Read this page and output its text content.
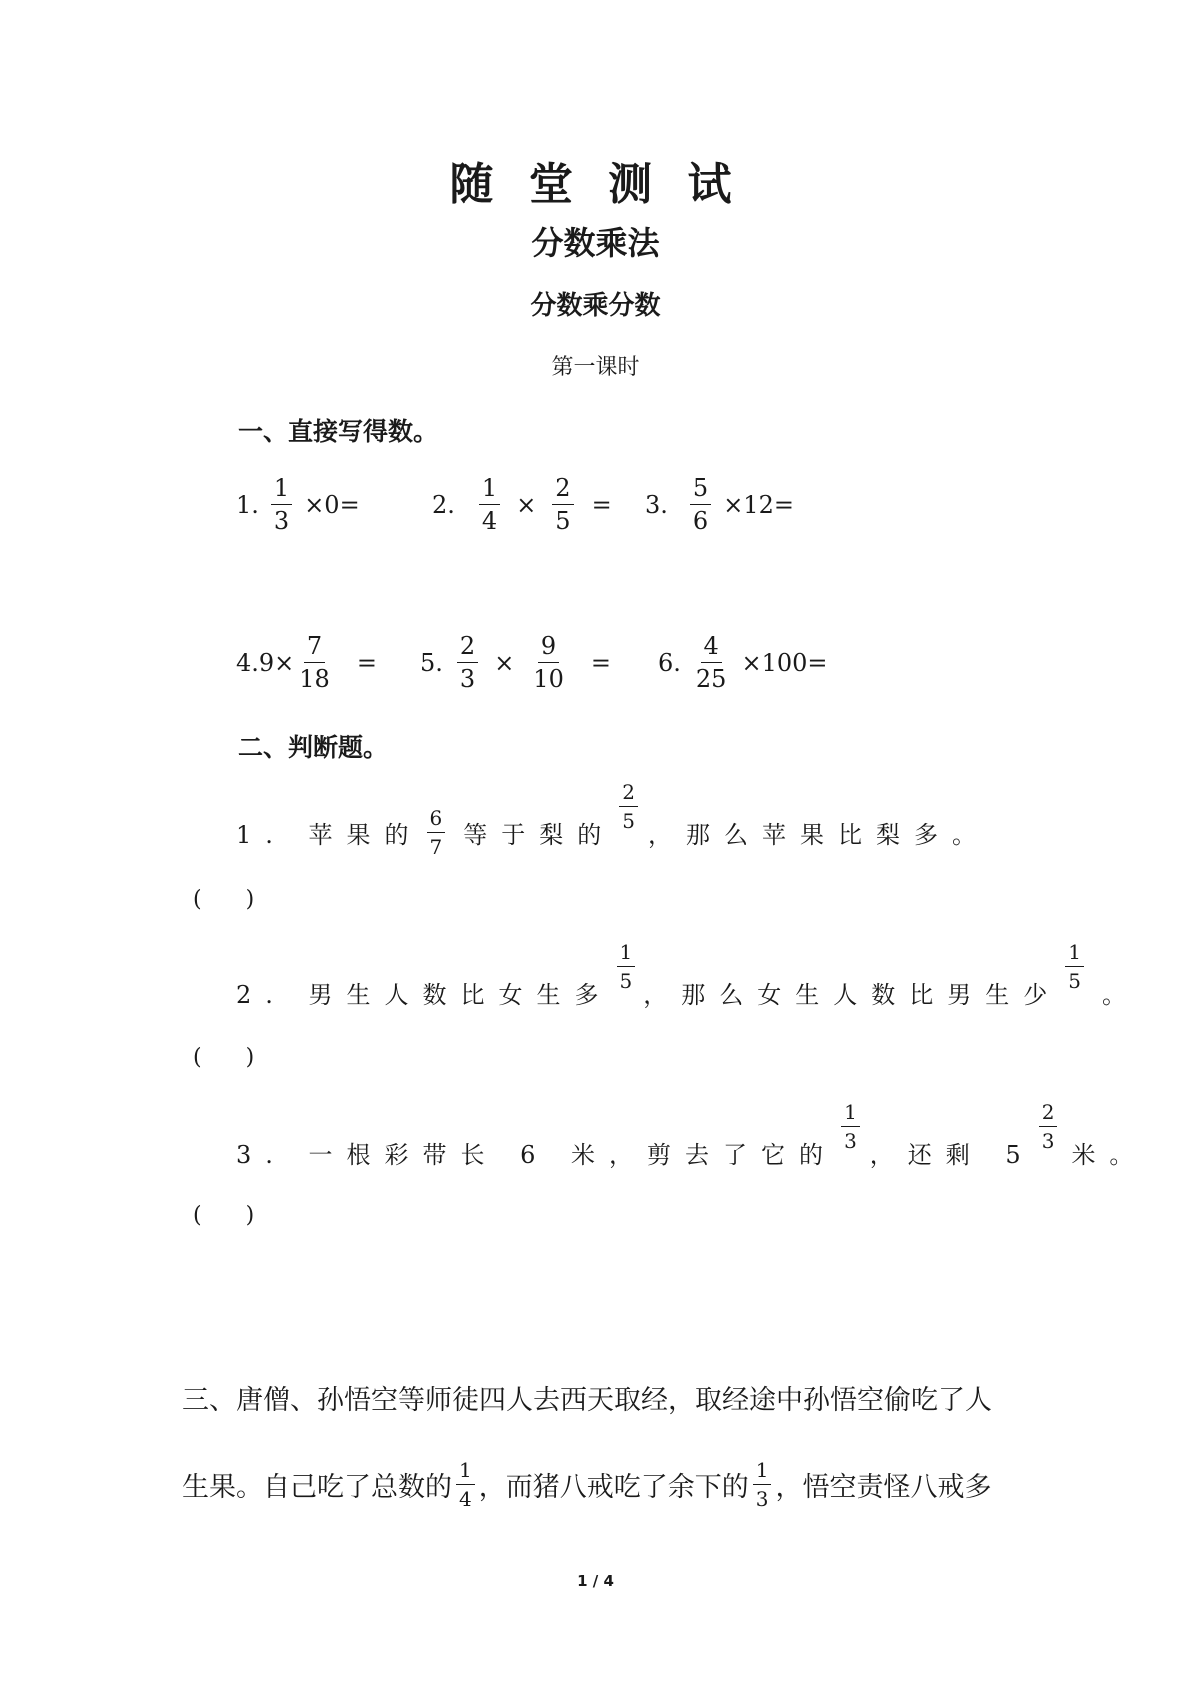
随 堂 测 试
分数乘法
分数乘分数
第一课时
一、直接写得数。
1. $\frac{1}{3} \times 0=$	2. $\frac{1}{4} \times \frac{2}{5} = 3$. $\frac{5}{6} \times 12=$
$4.9\times \frac{7}{18} = 5$. $\frac{2}{3} \times \frac{9}{10} = 6$. $\frac{4}{25} \times 100=$
二、判断题。
1. 苹果的 $\frac{6}{7}$ 等于梨的
$\frac{2}{5}$
，那么苹果比梨多。
(　　)
2. 男生人数比女生多
$\frac{1}{5}$
，那么女生人数比男生少
$\frac{1}{5}$
。
(　　)
3. 一根彩带长 6 米，剪去了它的
$\frac{1}{3}$
，还剩 5
$\frac{2}{3}$
米。
(　　)
三、唐僧、孙悟空等师徒四人去西天取经，取经途中孙悟空偷吃了人
生果。自己吃了总数的 $\frac{1}{4}$ ，而猪八戒吃了余下的 $\frac{1}{3}$ ，悟空责怪八戒多
1 / 4
